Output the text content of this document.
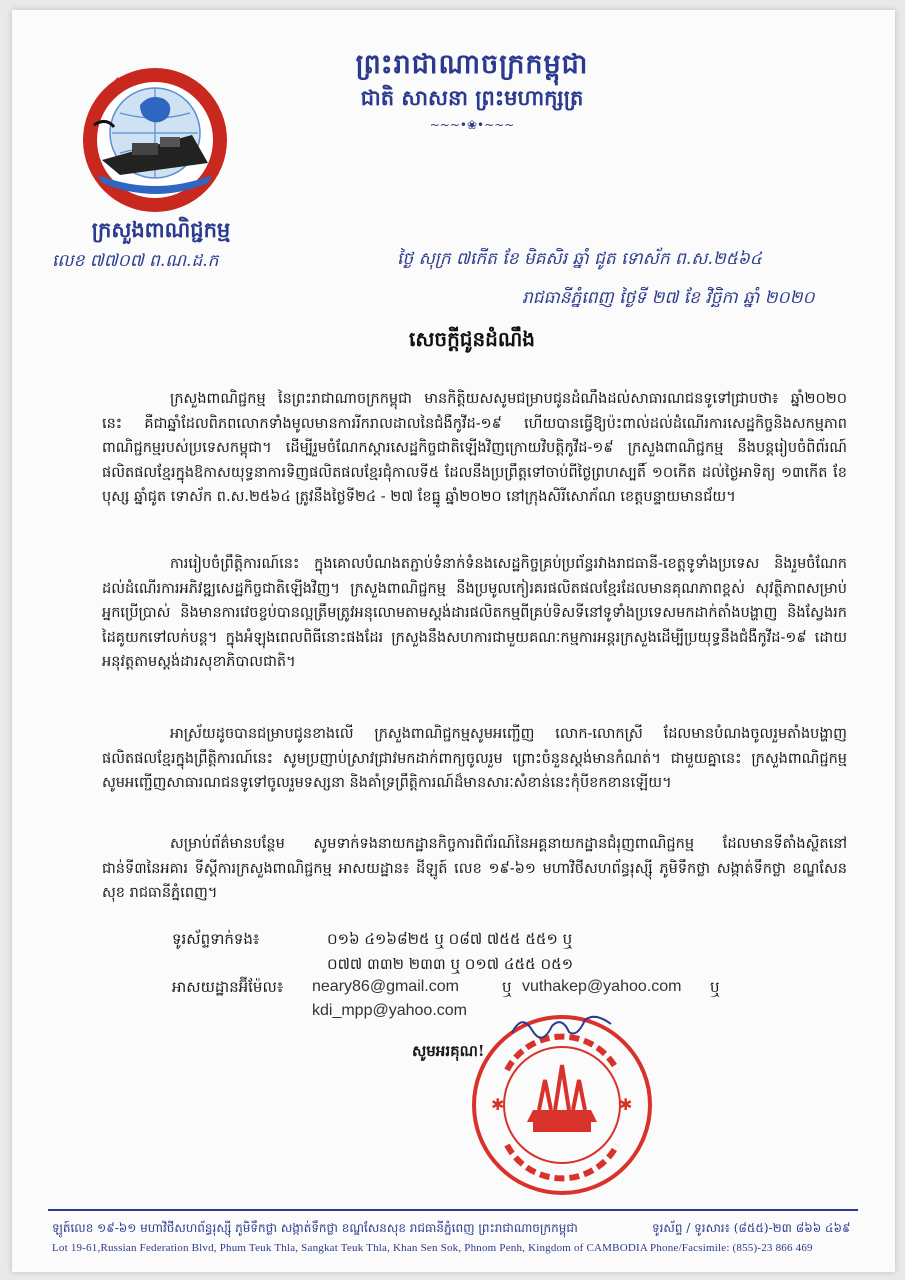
ព្រះរាជាណាចក្រកម្ពុជា
ជាតិ សាសនា ព្រះមហាក្សត្រ
~~~•❀•~~~
ក្រសួងពាណិជ្ជកម្ម
លេខ ៧៧០៧ ព.ណ.ដ.ក	ថ្ងៃ សុក្រ ៧កើត ខែ មិគសិរ ឆ្នាំ ជូត ទោស័ក ព.ស.២៥៦៤
រាជធានីភ្នំពេញ ថ្ងៃទី ២៧ ខែ វិច្ឆិកា ឆ្នាំ ២០២០
សេចក្តីជូនដំណឹង

ក្រសួងពាណិជ្ជកម្ម នៃព្រះរាជាណាចក្រកម្ពុជា មានកិត្តិយសសូមជម្រាបជូនដំណឹងដល់សាធារណជនទូទៅជ្រាបថា៖ ឆ្នាំ២០២០ នេះ គឺជាឆ្នាំដែលពិភពលោកទាំងមូលមានការរីករាលដាលនៃជំងឺកូវីដ-១៩ ហើយបានធ្វើឱ្យប៉ះពាល់ដល់ដំណើរការសេដ្ឋកិច្ចនិងសកម្មភាពពាណិជ្ជកម្មរបស់ប្រទេសកម្ពុជា។ ដើម្បីរួមចំណែកស្តារសេដ្ឋកិច្ចជាតិឡើងវិញក្រោយវិបត្តិកូវីដ-១៩ ក្រសួងពាណិជ្ជកម្ម នឹងបន្តរៀបចំពិព័រណ៍ផលិតផលខ្មែរក្នុងឱកាសយុទ្ធនាការទិញផលិតផលខ្មែរជុំកាលទី៥ ដែលនឹងប្រព្រឹត្តទៅចាប់ពីថ្ងៃព្រហស្បតិ៍ ១០កើត ដល់ថ្ងៃអាទិត្យ ១៣កើត ខែបុស្ស ឆ្នាំជូត ទោស័ក ព.ស.២៥៦៤ ត្រូវនឹងថ្ងៃទី២៤ - ២៧ ខែធ្នូ ឆ្នាំ២០២០ នៅក្រុងសិរីសោភ័ណ ខេត្តបន្ទាយមានជ័យ។

ការរៀបចំព្រឹត្តិការណ៍នេះ ក្នុងគោលបំណងតភ្ជាប់ទំនាក់ទំនងសេដ្ឋកិច្ចគ្រប់ប្រព័ន្ធរវាងរាជធានី-ខេត្តទូទាំងប្រទេស និងរួមចំណែកដល់ដំណើរការអភិវឌ្ឍសេដ្ឋកិច្ចជាតិឡើងវិញ។ ក្រសួងពាណិជ្ជកម្ម នឹងប្រមូលកៀរគរផលិតផលខ្មែរដែលមានគុណភាពខ្ពស់ សុវត្ថិភាពសម្រាប់អ្នកប្រើប្រាស់ និងមានការវេចខ្ចប់បានល្អត្រឹមត្រូវអនុលោមតាមស្តង់ដារផលិតកម្មពីគ្រប់ទិសទីនៅទូទាំងប្រទេសមកដាក់តាំងបង្ហាញ និងស្វែងរកដៃគូយកទៅលក់បន្ត។ ក្នុងអំឡុងពេលពិធីនោះផងដែរ ក្រសួងនឹងសហការជាមួយគណៈកម្មការអន្តរក្រសួងដើម្បីប្រយុទ្ធនឹងជំងឺកូវីដ-១៩ ដោយអនុវត្តតាមស្តង់ដារសុខាភិបាលជាតិ។

អាស្រ័យដូចបានជម្រាបជូនខាងលើ ក្រសួងពាណិជ្ជកម្មសូមអញ្ជើញ លោក-លោកស្រី ដែលមានបំណងចូលរួមតាំងបង្ហាញផលិតផលខ្មែរក្នុងព្រឹត្តិការណ៍នេះ សូមប្រញាប់ស្រាវជ្រាវមកដាក់ពាក្យចូលរួម ព្រោះចំនួនស្តង់មានកំណត់។ ជាមួយគ្នានេះ ក្រសួងពាណិជ្ជកម្ម សូមអញ្ជើញសាធារណជនទូទៅចូលរួមទស្សនា និងគាំទ្រព្រឹត្តិការណ៍ដ៏មានសារៈសំខាន់នេះកុំបីខកខានឡើយ។

សម្រាប់ព័ត៌មានបន្ថែម សូមទាក់ទងនាយកដ្ឋានកិច្ចការពិព័រណ៍នៃអគ្គនាយកដ្ឋានជំរុញពាណិជ្ជកម្ម ដែលមានទីតាំងស្ថិតនៅជាន់ទី៣នៃអគារ ទីស្តីការក្រសួងពាណិជ្ជកម្ម អាសយដ្ឋាន៖ ដីឡូត៍ លេខ ១៩-៦១ មហាវិថីសហព័ន្ធរុស្ស៊ី ភូមិទឹកថ្លា សង្កាត់ទឹកថ្លា ខណ្ឌសែនសុខ រាជធានីភ្នំពេញ។

ទូរស័ព្ទទាក់ទង៖	០១៦ ៤១៦៨២៥ ឬ ០៨៧ ៧៥៥ ៥៥១ ឬ
០៧៧ ៣៣២ ២៣៣ ឬ ០១៧ ៤៥៥ ០៥១
អាសយដ្ឋានអ៊ីម៉ែល៖ neary86@gmail.com	ឬ vuthakep@yahoo.com ឬ
kdi_mpp@yahoo.com
✱	✱
សូមអរគុណ!
ឡូត៍លេខ ១៩-៦១ មហាវិថីសហព័ន្ធរុស្ស៊ី ភូមិទឹកថ្លា សង្កាត់ទឹកថ្លា ខណ្ឌសែនសុខ រាជធានីភ្នំពេញ ព្រះរាជាណាចក្រកម្ពុជា	ទូរស័ព្ទ / ទូរសារ៖ (៨៥៥)-២៣ ៨៦៦ ៤៦៩
Lot 19-61,Russian Federation Blvd, Phum Teuk Thla, Sangkat Teuk Thla, Khan Sen Sok, Phnom Penh, Kingdom of CAMBODIA Phone/Facsimile: (855)-23 866 469
